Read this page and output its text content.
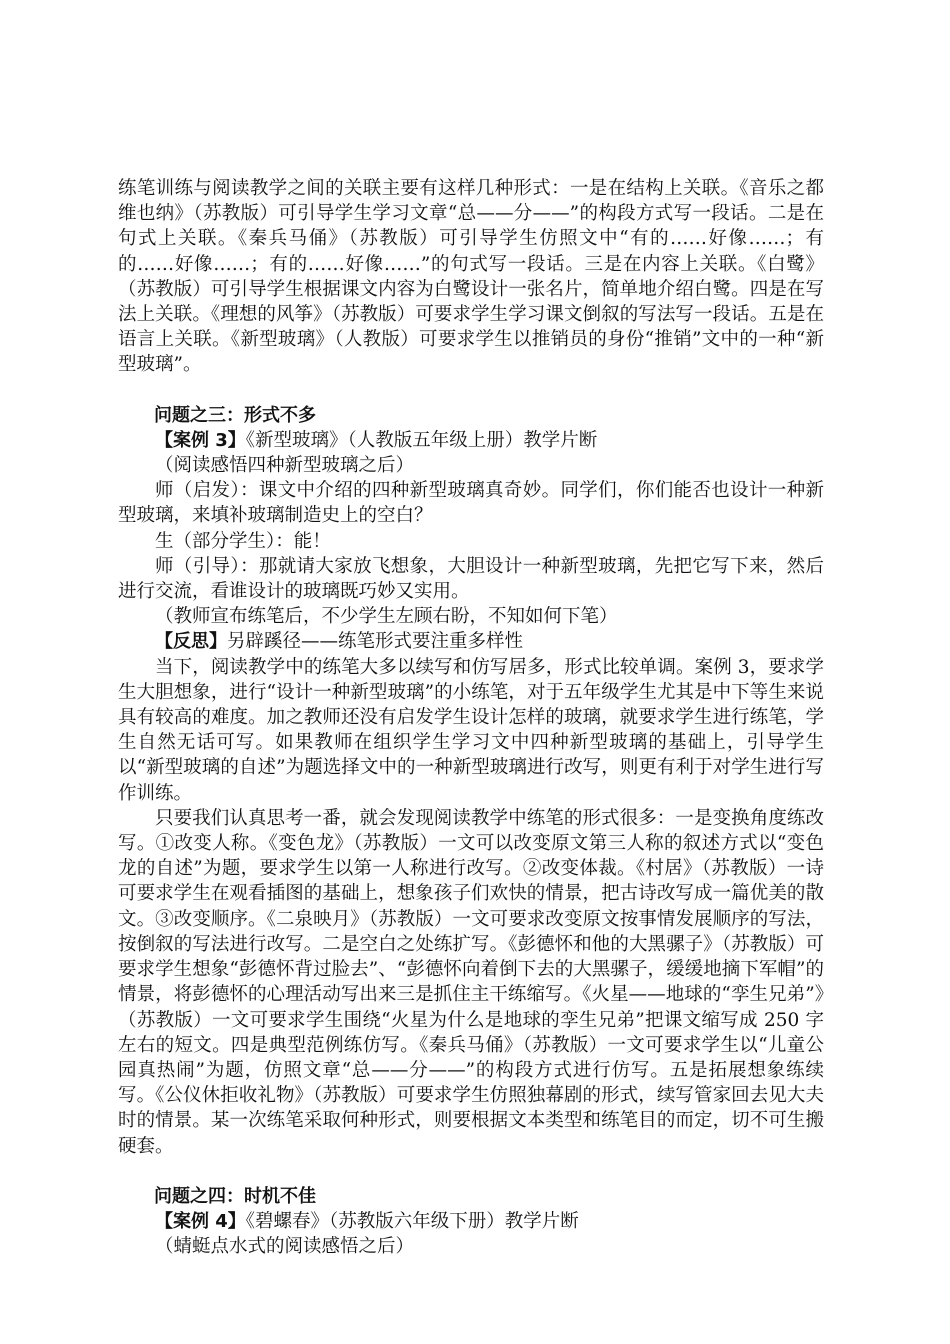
练笔训练与阅读教学之间的关联主要有这样几种形式：一是在结构上关联。《音乐之都维也纳》（苏教版）可引导学生学习文章“总——分——”的构段方式写一段话。二是在句式上关联。《秦兵马俑》（苏教版）可引导学生仿照文中“有的……好像……；有的……好像……；有的……好像……”的句式写一段话。三是在内容上关联。《白鹭》（苏教版）可引导学生根据课文内容为白鹭设计一张名片，简单地介绍白鹭。四是在写法上关联。《理想的风筝》（苏教版）可要求学生学习课文倒叙的写法写一段话。五是在语言上关联。《新型玻璃》（人教版）可要求学生以推销员的身份“推销”文中的一种“新型玻璃”。

问题之三：形式不多

【案例 3】《新型玻璃》（人教版五年级上册）教学片断

（阅读感悟四种新型玻璃之后）

师（启发）：课文中介绍的四种新型玻璃真奇妙。同学们，你们能否也设计一种新型玻璃，来填补玻璃制造史上的空白？

生（部分学生）：能！

师（引导）：那就请大家放飞想象，大胆设计一种新型玻璃，先把它写下来，然后进行交流，看谁设计的玻璃既巧妙又实用。

（教师宣布练笔后，不少学生左顾右盼，不知如何下笔）

【反思】另辟蹊径——练笔形式要注重多样性

当下，阅读教学中的练笔大多以续写和仿写居多，形式比较单调。案例 3，要求学生大胆想象，进行“设计一种新型玻璃”的小练笔，对于五年级学生尤其是中下等生来说具有较高的难度。加之教师还没有启发学生设计怎样的玻璃，就要求学生进行练笔，学生自然无话可写。如果教师在组织学生学习文中四种新型玻璃的基础上，引导学生以“新型玻璃的自述”为题选择文中的一种新型玻璃进行改写，则更有利于对学生进行写作训练。

只要我们认真思考一番，就会发现阅读教学中练笔的形式很多：一是变换角度练改写。①改变人称。《变色龙》（苏教版）一文可以改变原文第三人称的叙述方式以“变色龙的自述”为题，要求学生以第一人称进行改写。②改变体裁。《村居》（苏教版）一诗可要求学生在观看插图的基础上，想象孩子们欢快的情景，把古诗改写成一篇优美的散文。③改变顺序。《二泉映月》（苏教版）一文可要求改变原文按事情发展顺序的写法，按倒叙的写法进行改写。二是空白之处练扩写。《彭德怀和他的大黑骡子》（苏教版）可要求学生想象“彭德怀背过脸去”、“彭德怀向着倒下去的大黑骡子，缓缓地摘下军帽”的情景，将彭德怀的心理活动写出来三是抓住主干练缩写。《火星——地球的“孪生兄弟”》（苏教版）一文可要求学生围绕“火星为什么是地球的孪生兄弟”把课文缩写成 250 字左右的短文。四是典型范例练仿写。《秦兵马俑》（苏教版）一文可要求学生以“儿童公园真热闹”为题，仿照文章“总——分——”的构段方式进行仿写。五是拓展想象练续写。《公仪休拒收礼物》（苏教版）可要求学生仿照独幕剧的形式，续写管家回去见大夫时的情景。某一次练笔采取何种形式，则要根据文本类型和练笔目的而定，切不可生搬硬套。

问题之四：时机不佳

【案例 4】《碧螺春》（苏教版六年级下册）教学片断

（蜻蜓点水式的阅读感悟之后）
